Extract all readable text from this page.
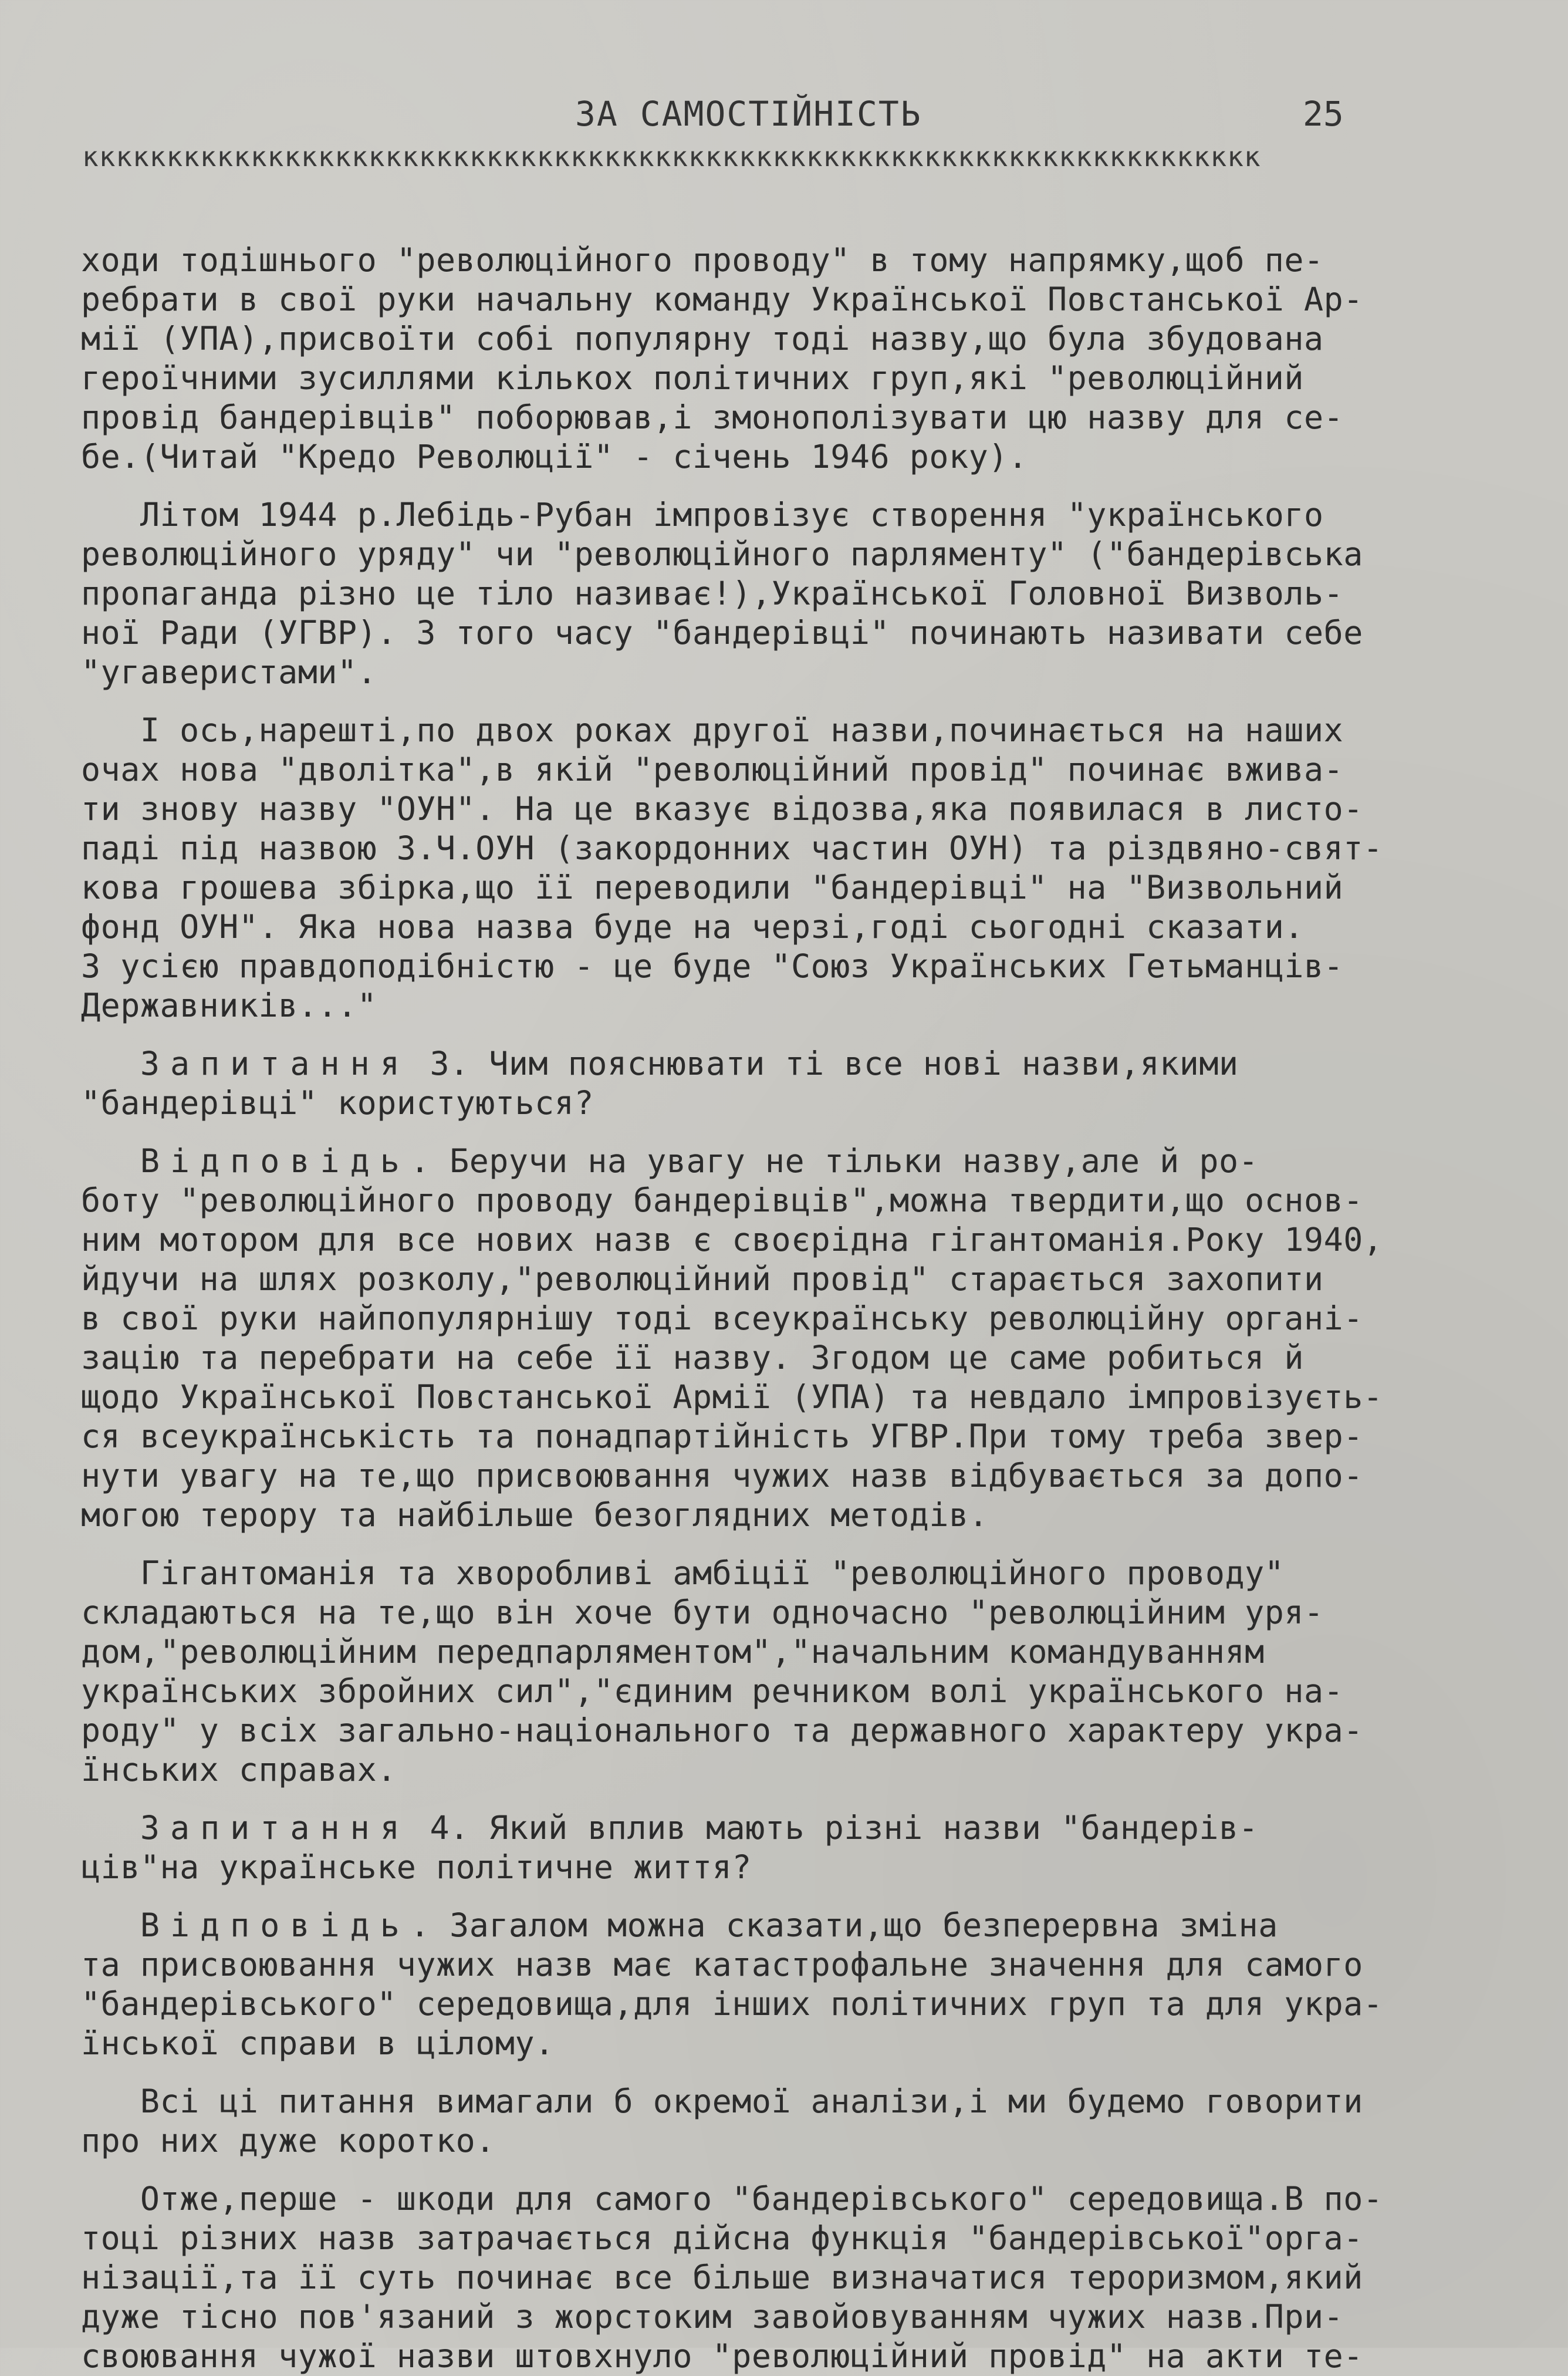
ЗА САМОСТІЙНІСТЬ	25
кккккккккккккккккккккккккккккккккккккккккккккккккккккккккккккккккккккк
ходи тодішнього "революційного проводу" в тому напрямку,щоб пе-
ребрати в свої руки начальну команду Української Повстанської Ар-
мії (УПА),присвоїти собі популярну тоді назву,що була збудована
героїчними зусиллями кількох політичних груп,які "революційний
провід бандерівців" поборював,і змонополізувати цю назву для се-
бе.(Читай "Кредо Революції" - січень 1946 року).
Літом 1944 р.Лебідь-Рубан імпровізує створення "українського
революційного уряду" чи "революційного парляменту" ("бандерівська
пропаганда різно це тіло називає!),Української Головної Визволь-
ної Ради (УГВР). З того часу "бандерівці" починають називати себе
"угаверистами".
І ось,нарешті,по двох роках другої назви,починається на наших
очах нова "дволітка",в якій "революційний провід" починає вжива-
ти знову назву "ОУН". На це вказує відозва,яка появилася в листо-
паді під назвою З.Ч.ОУН (закордонних частин ОУН) та різдвяно-свят-
кова грошева збірка,що її переводили "бандерівці" на "Визвольний
фонд ОУН". Яка нова назва буде на черзі,годі сьогодні сказати.
З усією правдоподібністю - це буде "Союз Українських Гетьманців-
Державників..."
Запитання 3. Чим пояснювати ті все нові назви,якими
"бандерівці" користуються?
Відповідь. Беручи на увагу не тільки назву,але й ро-
боту "революційного проводу бандерівців",можна твердити,що основ-
ним мотором для все нових назв є своєрідна гігантоманія.Року 1940,
йдучи на шлях розколу,"революційний провід" старається захопити
в свої руки найпопулярнішу тоді всеукраїнську революційну органі-
зацію та перебрати на себе її назву. Згодом це саме робиться й
щодо Української Повстанської Армії (УПА) та невдало імпровізуєть-
ся всеукраїнськість та понадпартійність УГВР.При тому треба звер-
нути увагу на те,що присвоювання чужих назв відбувається за допо-
могою терору та найбільше безоглядних методів.
Гігантоманія та хворобливі амбіції "революційного проводу"
складаються на те,що він хоче бути одночасно "революційним уря-
дом,"революційним передпарляментом","начальним командуванням
українських збройних сил","єдиним речником волі українського на-
роду" у всіх загально-національного та державного характеру укра-
їнських справах.
Запитання 4. Який вплив мають різні назви "бандерів-
ців"на українське політичне життя?
Відповідь. Загалом можна сказати,що безперервна зміна
та присвоювання чужих назв має катастрофальне значення для самого
"бандерівського" середовища,для інших політичних груп та для укра-
їнської справи в цілому.
Всі ці питання вимагали б окремої аналізи,і ми будемо говорити
про них дуже коротко.
Отже,перше - шкоди для самого "бандерівського" середовища.В по-
тоці різних назв затрачається дійсна функція "бандерівської"орга-
нізації,та її суть починає все більше визначатися тероризмом,який
дуже тісно пов'язаний з жорстоким завойовуванням чужих назв.При-
своювання чужої назви штовхнуло "революційний провід" на акти те-
